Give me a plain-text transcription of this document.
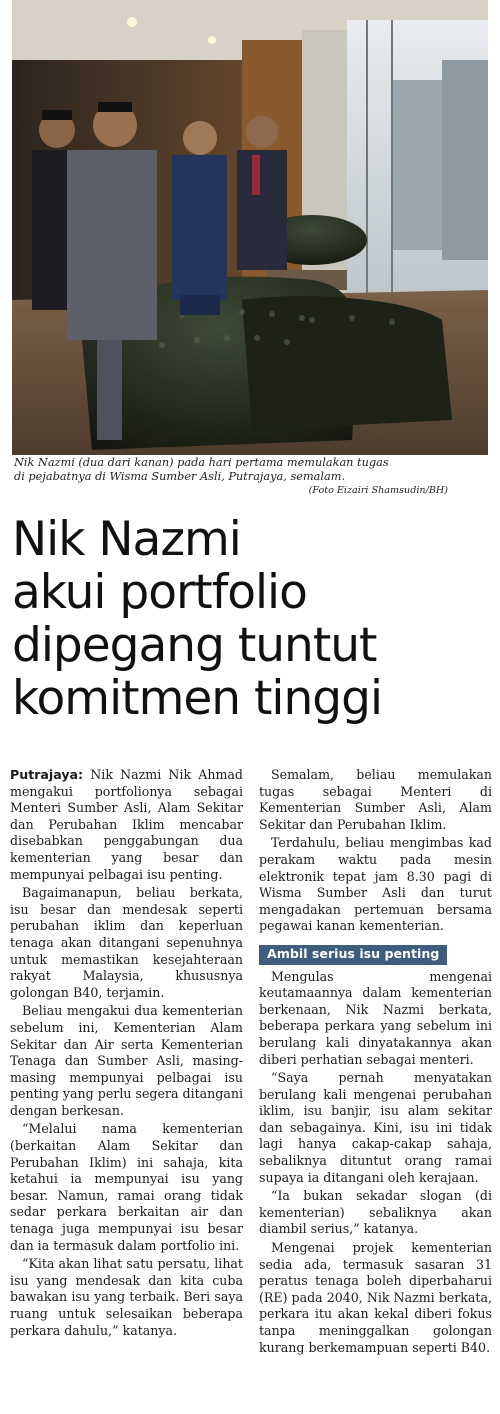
Nik Nazmi (dua dari kanan) pada hari pertama memulakan tugas
di pejabatnya di Wisma Sumber Asli, Putrajaya, semalam.
(Foto Eizairi Shamsudin/BH)
Nik Nazmi
akui portfolio
dipegang tuntut
komitmen tinggi

Putrajaya: Nik Nazmi Nik Ahmad mengakui portfolionya sebagai Menteri Sumber Asli, Alam Sekitar dan Perubahan Iklim mencabar disebabkan penggabungan dua kementerian yang besar dan mempunyai pelbagai isu penting.

Bagaimanapun, beliau berkata, isu besar dan mendesak seperti perubahan iklim dan keperluan tenaga akan ditangani sepenuhnya untuk memastikan kesejahteraan rakyat Malaysia, khususnya golongan B40, terjamin.

Beliau mengakui dua kementerian sebelum ini, Kementerian Alam Sekitar dan Air serta Kementerian Tenaga dan Sumber Asli, masing-masing mempunyai pelbagai isu penting yang perlu segera ditangani dengan berkesan.

“Melalui nama kementerian (berkaitan Alam Sekitar dan Perubahan Iklim) ini sahaja, kita ketahui ia mempunyai isu yang besar. Namun, ramai orang tidak sedar perkara berkaitan air dan tenaga juga mempunyai isu besar dan ia termasuk dalam portfolio ini.

“Kita akan lihat satu persatu, lihat isu yang mendesak dan kita cuba bawakan isu yang terbaik. Beri saya ruang untuk selesaikan beberapa perkara dahulu,” katanya.

Semalam, beliau memulakan tugas sebagai Menteri di Kementerian Sumber Asli, Alam Sekitar dan Perubahan Iklim.

Terdahulu, beliau mengimbas kad perakam waktu pada mesin elektronik tepat jam 8.30 pagi di Wisma Sumber Asli dan turut mengadakan pertemuan bersama pegawai kanan kementerian.

Ambil serius isu penting

Mengulas mengenai keutamaannya dalam kementerian berkenaan, Nik Nazmi berkata, beberapa perkara yang sebelum ini berulang kali dinyatakannya akan diberi perhatian sebagai menteri.

“Saya pernah menyatakan berulang kali mengenai perubahan iklim, isu banjir, isu alam sekitar dan sebagainya. Kini, isu ini tidak lagi hanya cakap-cakap sahaja, sebaliknya dituntut orang ramai supaya ia ditangani oleh kerajaan.

“Ia bukan sekadar slogan (di kementerian) sebaliknya akan diambil serius,” katanya.

Mengenai projek kementerian sedia ada, termasuk sasaran 31 peratus tenaga boleh diperbaharui (RE) pada 2040, Nik Nazmi berkata, perkara itu akan kekal diberi fokus tanpa meninggalkan golongan kurang berkemampuan seperti B40.
